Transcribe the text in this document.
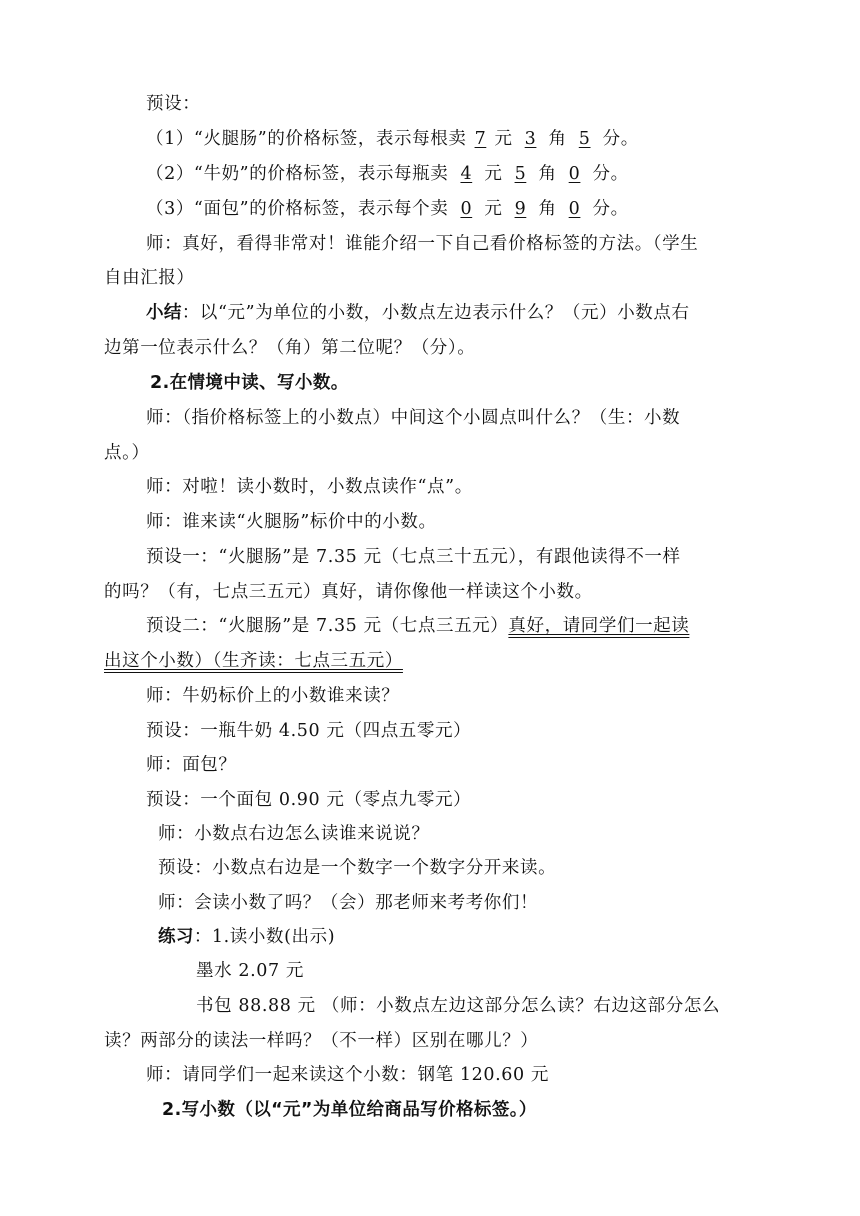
预设：
（1）“火腿肠”的价格标签，表示每根卖 7 元 3 角 5 分。
（2）“牛奶”的价格标签，表示每瓶卖 4 元 5 角 0 分。
（3）“面包”的价格标签，表示每个卖 0 元 9 角 0 分。
师：真好，看得非常对！谁能介绍一下自己看价格标签的方法。（学生
自由汇报）
小结：以“元”为单位的小数，小数点左边表示什么？（元）小数点右
边第一位表示什么？（角）第二位呢？（分）。
2.在情境中读、写小数。
师：（指价格标签上的小数点）中间这个小圆点叫什么？（生：小数
点。）
师：对啦！读小数时，小数点读作“点”。
师：谁来读“火腿肠”标价中的小数。
预设一：“火腿肠”是 7.35 元（七点三十五元），有跟他读得不一样
的吗？（有，七点三五元）真好，请你像他一样读这个小数。
预设二：“火腿肠”是 7.35 元（七点三五元）真好，请同学们一起读
出这个小数）（生齐读：七点三五元）
师：牛奶标价上的小数谁来读？
预设：一瓶牛奶 4.50 元（四点五零元）
师：面包？
预设：一个面包 0.90 元（零点九零元）
师：小数点右边怎么读谁来说说？
预设：小数点右边是一个数字一个数字分开来读。
师：会读小数了吗？（会）那老师来考考你们！
练习：1.读小数(出示)
墨水 2.07 元
书包 88.88 元 （师：小数点左边这部分怎么读？右边这部分怎么
读？两部分的读法一样吗？（不一样）区别在哪儿？）
师：请同学们一起来读这个小数：钢笔 120.60 元
2.写小数（以“元”为单位给商品写价格标签。）
